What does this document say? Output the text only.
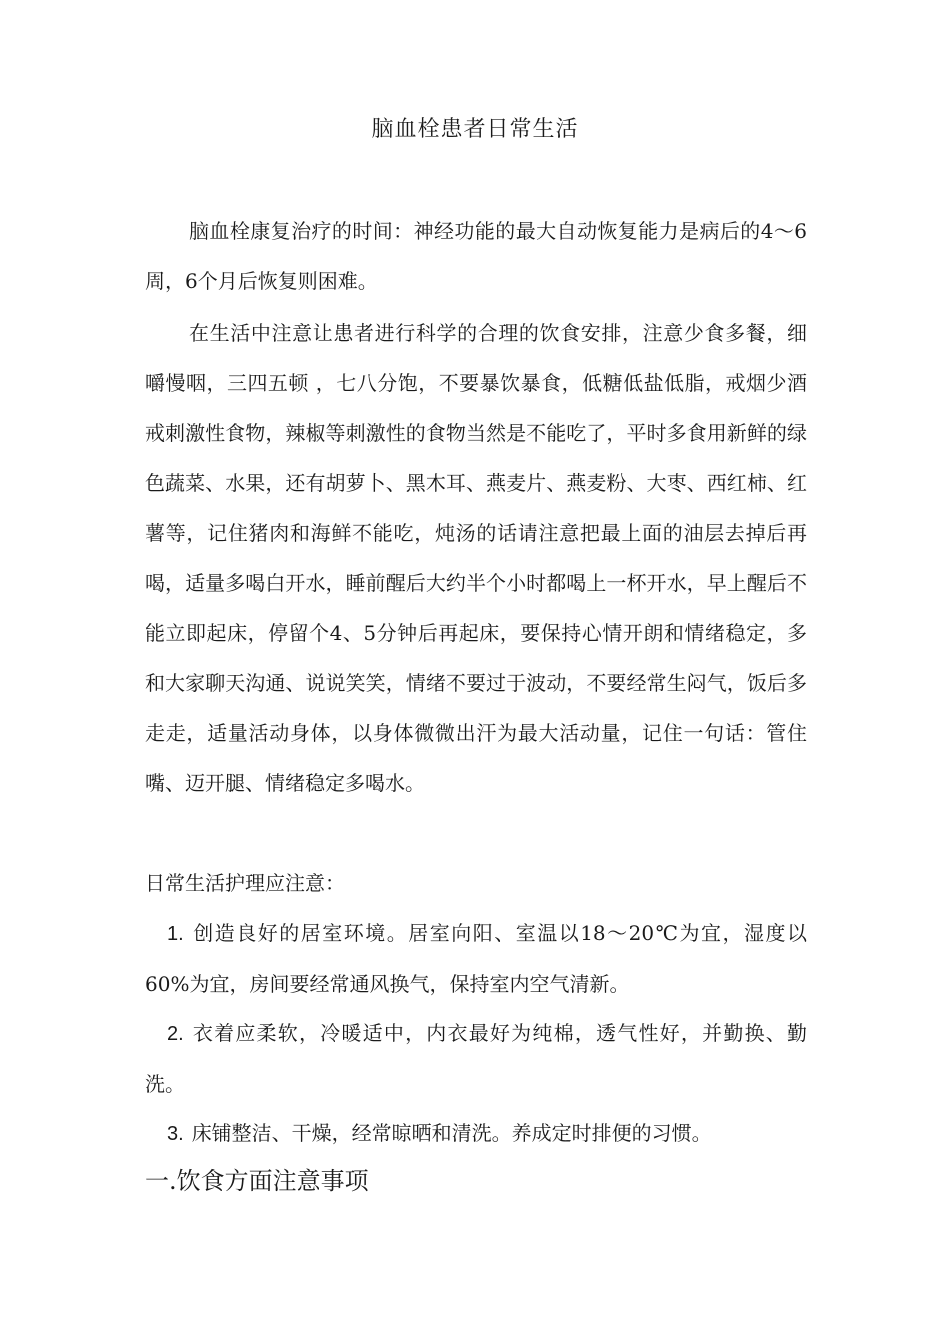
脑血栓患者日常生活

脑血栓康复治疗的时间：神经功能的最大自动恢复能力是病后的4～6周，6个月后恢复则困难。

在生活中注意让患者进行科学的合理的饮食安排，注意少食多餐，细嚼慢咽，三四五顿 ，七八分饱，不要暴饮暴食，低糖低盐低脂，戒烟少酒戒刺激性食物，辣椒等刺激性的食物当然是不能吃了，平时多食用新鲜的绿色蔬菜、水果，还有胡萝卜、黑木耳、燕麦片、燕麦粉、大枣、西红柿、红薯等，记住猪肉和海鲜不能吃，炖汤的话请注意把最上面的油层去掉后再喝，适量多喝白开水，睡前醒后大约半个小时都喝上一杯开水，早上醒后不能立即起床，停留个4、5分钟后再起床，要保持心情开朗和情绪稳定，多和大家聊天沟通、说说笑笑，情绪不要过于波动，不要经常生闷气，饭后多走走，适量活动身体，以身体微微出汗为最大活动量，记住一句话：管住嘴、迈开腿、情绪稳定多喝水。

日常生活护理应注意：

1. 创造良好的居室环境。居室向阳、室温以18～20℃为宜，湿度以60%为宜，房间要经常通风换气，保持室内空气清新。

2. 衣着应柔软，冷暖适中，内衣最好为纯棉，透气性好，并勤换、勤洗。

3. 床铺整洁、干燥，经常晾晒和清洗。养成定时排便的习惯。

一.饮食方面注意事项
